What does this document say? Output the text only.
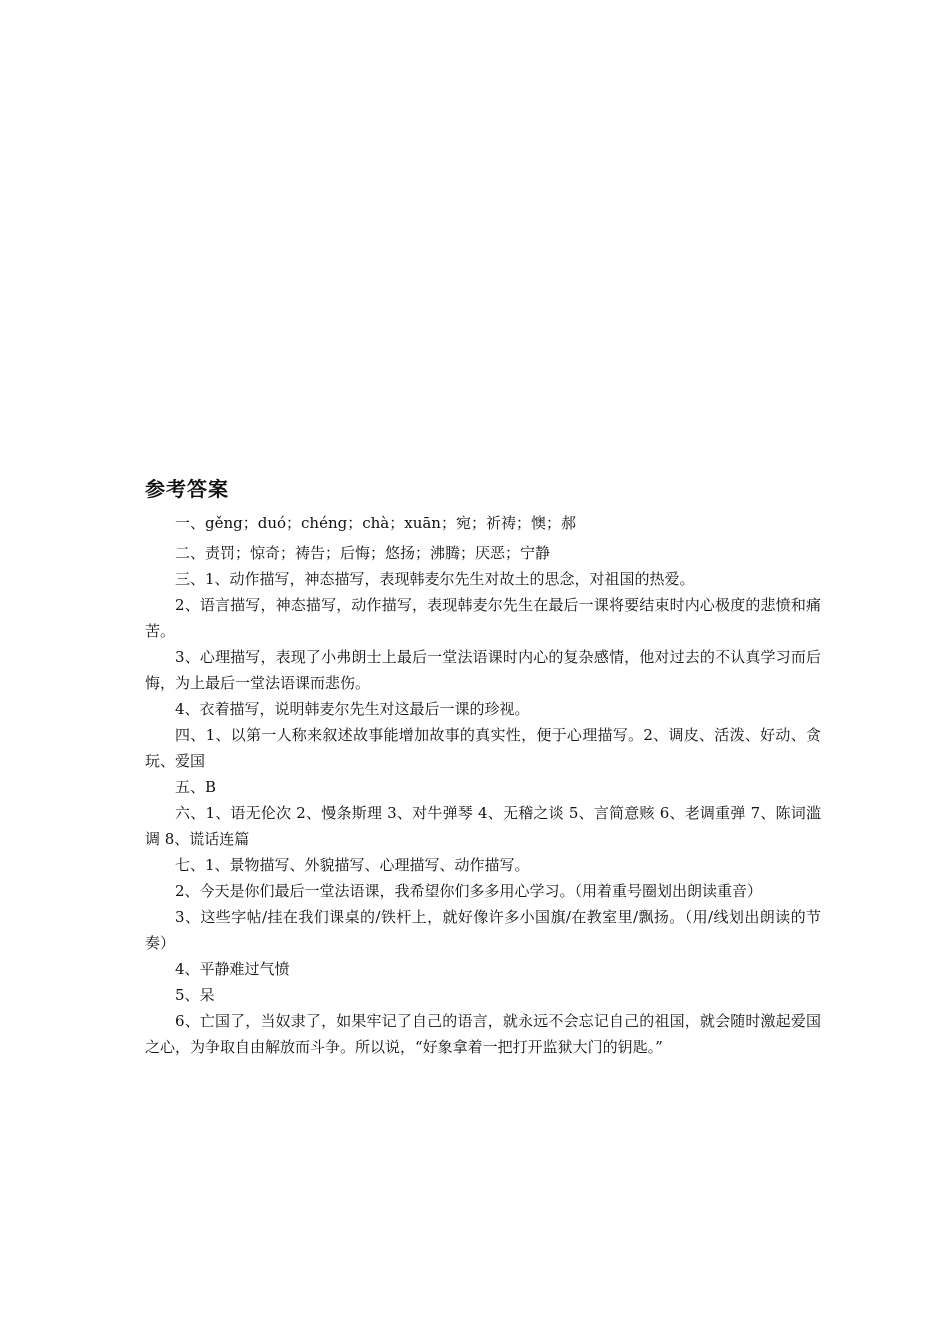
参考答案

一、gěng；duó；chéng；chà；xuān；宛；祈祷；懊；郝

二、责罚；惊奇；祷告；后悔；悠扬；沸腾；厌恶；宁静

三、1、动作描写，神态描写，表现韩麦尔先生对故土的思念，对祖国的热爱。

2、语言描写，神态描写，动作描写，表现韩麦尔先生在最后一课将要结束时内心极度的悲愤和痛苦。

3、心理描写，表现了小弗朗士上最后一堂法语课时内心的复杂感情，他对过去的不认真学习而后悔，为上最后一堂法语课而悲伤。

4、衣着描写，说明韩麦尔先生对这最后一课的珍视。

四、1、以第一人称来叙述故事能增加故事的真实性，便于心理描写。2、调皮、活泼、好动、贪玩、爱国

五、B

六、1、语无伦次 2、慢条斯理 3、对牛弹琴 4、无稽之谈 5、言简意赅 6、老调重弹 7、陈词滥调 8、谎话连篇

七、1、景物描写、外貌描写、心理描写、动作描写。

2、今天是你们最后一堂法语课，我希望你们多多用心学习。（用着重号圈划出朗读重音）

3、这些字帖/挂在我们课桌的/铁杆上，就好像许多小国旗/在教室里/飘扬。（用/线划出朗读的节奏）

4、平静难过气愤

5、呆

6、亡国了，当奴隶了，如果牢记了自己的语言，就永远不会忘记自己的祖国，就会随时激起爱国之心，为争取自由解放而斗争。所以说，“好象拿着一把打开监狱大门的钥匙。”
